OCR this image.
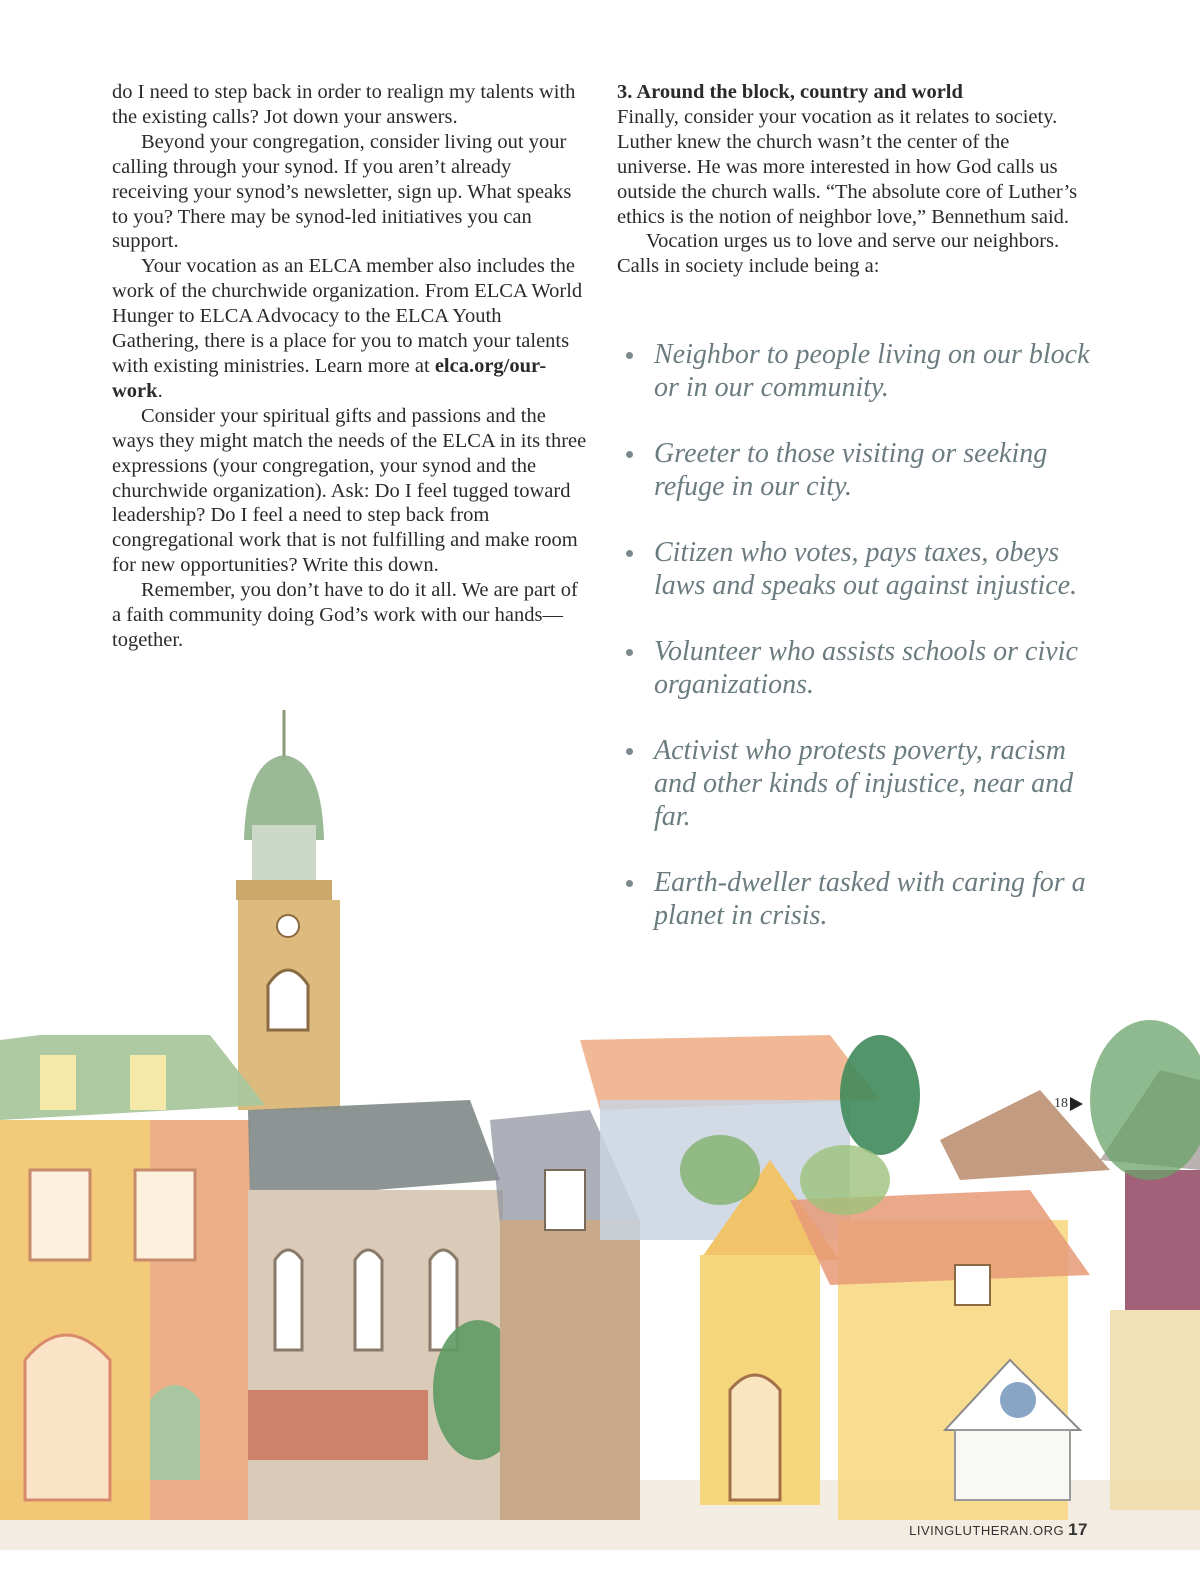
do I need to step back in order to realign my talents with the existing calls? Jot down your answers.

Beyond your congregation, consider living out your calling through your synod. If you aren’t already receiving your synod’s newsletter, sign up. What speaks to you? There may be synod-led initiatives you can support.

Your vocation as an ELCA member also includes the work of the churchwide organization. From ELCA World Hunger to ELCA Advocacy to the ELCA Youth Gathering, there is a place for you to match your talents with existing ministries. Learn more at elca.org/our-work.

Consider your spiritual gifts and passions and the ways they might match the needs of the ELCA in its three expressions (your congregation, your synod and the churchwide organization). Ask: Do I feel tugged toward leadership? Do I feel a need to step back from congregational work that is not fulfilling and make room for new opportunities? Write this down.

Remember, you don’t have to do it all. We are part of a faith community doing God’s work with our hands—together.

3. Around the block, country and world

Finally, consider your vocation as it relates to society. Luther knew the church wasn’t the center of the universe. He was more interested in how God calls us outside the church walls. “The absolute core of Luther’s ethics is the notion of neighbor love,” Bennethum said.

Vocation urges us to love and serve our neighbors. Calls in society include being a:

Neighbor to people living on our block or in our community.
Greeter to those visiting or seeking refuge in our city.
Citizen who votes, pays taxes, obeys laws and speaks out against injustice.
Volunteer who assists schools or civic organizations.
Activist who protests poverty, racism and other kinds of injustice, near and far.
Earth-dweller tasked with caring for a planet in crisis.
18
LIVINGLUTHERAN.ORG 17
